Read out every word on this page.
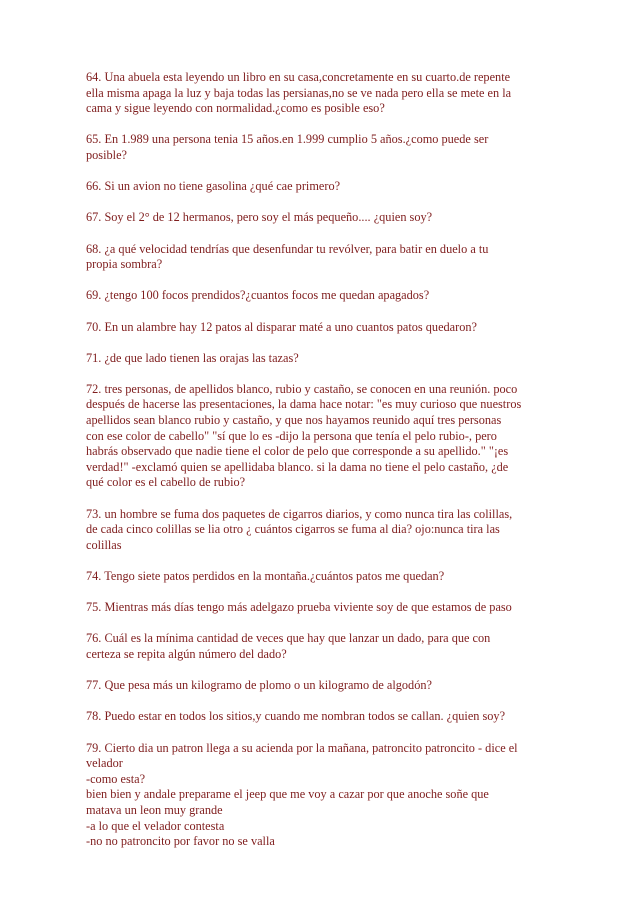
64. Una abuela esta leyendo un libro en su casa,concretamente en su cuarto.de repente
ella misma apaga la luz y baja todas las persianas,no se ve nada pero ella se mete en la
cama y sigue leyendo con normalidad.¿como es posible eso?
65. En 1.989 una persona tenia 15 años.en 1.999 cumplio 5 años.¿como puede ser
posible?
66. Si un avion no tiene gasolina ¿qué cae primero?
67. Soy el 2° de 12 hermanos, pero soy el más pequeño.... ¿quien soy?
68. ¿a qué velocidad tendrías que desenfundar tu revólver, para batir en duelo a tu
propia sombra?
69. ¿tengo 100 focos prendidos?¿cuantos focos me quedan apagados?
70. En un alambre hay 12 patos al disparar maté a uno cuantos patos quedaron?
71. ¿de que lado tienen las orajas las tazas?
72. tres personas, de apellidos blanco, rubio y castaño, se conocen en una reunión. poco
después de hacerse las presentaciones, la dama hace notar: "es muy curioso que nuestros
apellidos sean blanco rubio y castaño, y que nos hayamos reunido aquí tres personas
con ese color de cabello" "sí que lo es -dijo la persona que tenía el pelo rubio-, pero
habrás observado que nadie tiene el color de pelo que corresponde a su apellido." "¡es
verdad!" -exclamó quien se apellidaba blanco. si la dama no tiene el pelo castaño, ¿de
qué color es el cabello de rubio?
73. un hombre se fuma dos paquetes de cigarros diarios, y como nunca tira las colillas,
de cada cinco colillas se lia otro ¿ cuántos cigarros se fuma al dia? ojo:nunca tira las
colillas
74. Tengo siete patos perdidos en la montaña.¿cuántos patos me quedan?
75. Mientras más días tengo más adelgazo prueba viviente soy de que estamos de paso
76. Cuál es la mínima cantidad de veces que hay que lanzar un dado, para que con
certeza se repita algún número del dado?
77. Que pesa más un kilogramo de plomo o un kilogramo de algodón?
78. Puedo estar en todos los sitios,y cuando me nombran todos se callan. ¿quien soy?
79. Cierto dia un patron llega a su acienda por la mañana, patroncito patroncito - dice el
velador
-como esta?
bien bien y andale preparame el jeep que me voy a cazar por que anoche soñe que
matava un leon muy grande
-a lo que el velador contesta
-no no patroncito por favor no se valla
